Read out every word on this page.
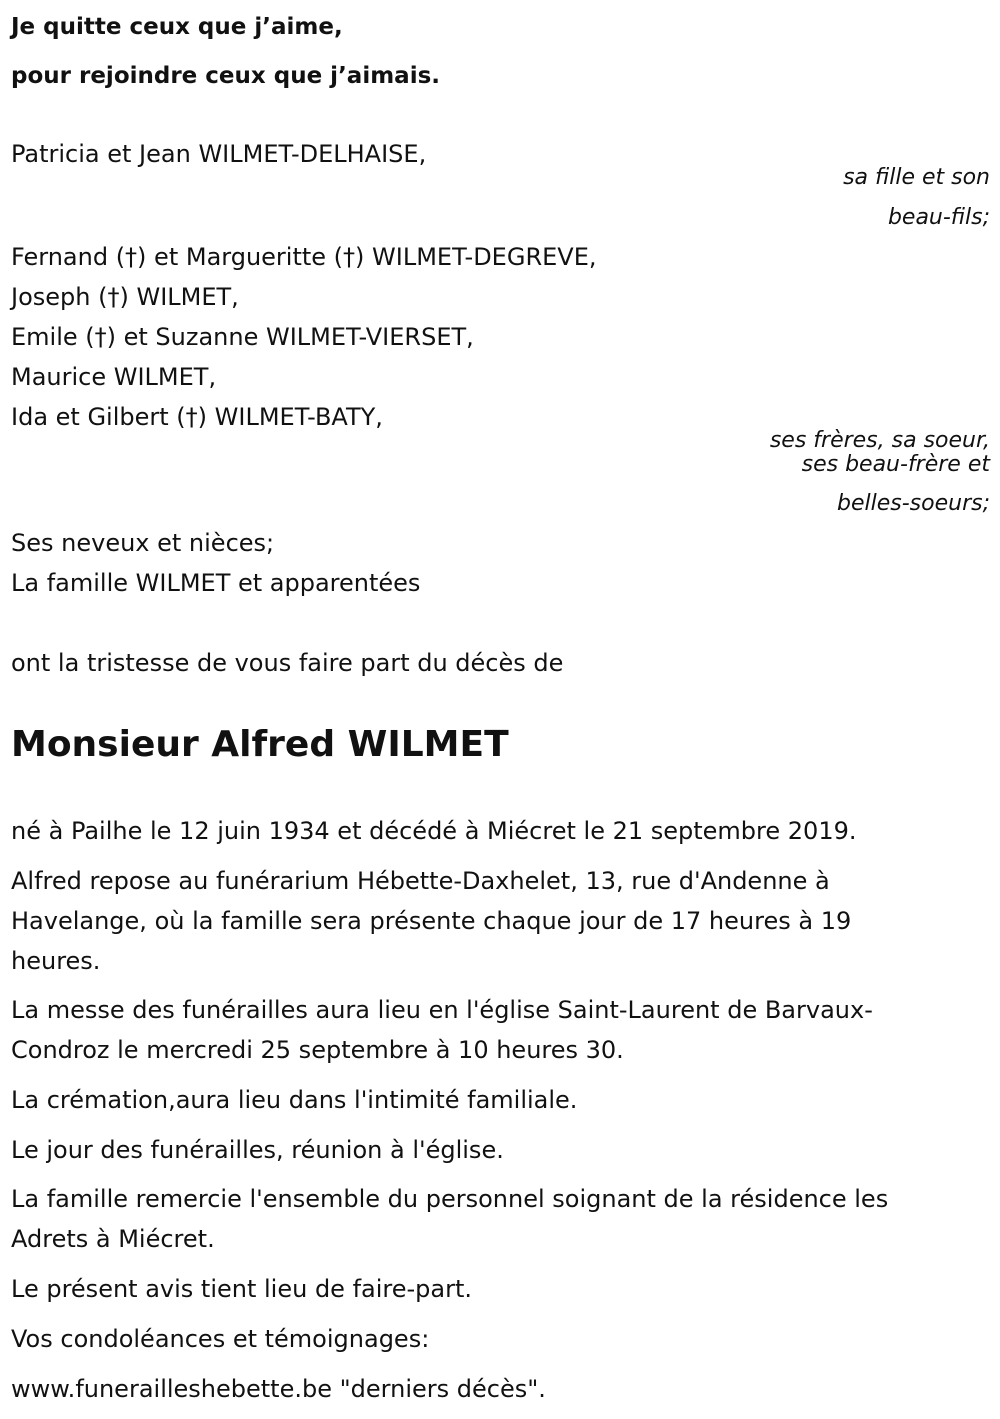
Je quitte ceux que j’aime,

pour rejoindre ceux que j’aimais.

Patricia et Jean WILMET-DELHAISE,

sa fille et son
beau-fils;

Fernand (†) et Margueritte (†) WILMET-DEGREVE,

Joseph (†) WILMET,

Emile (†) et Suzanne WILMET-VIERSET,

Maurice WILMET,

Ida et Gilbert (†) WILMET-BATY,

ses frères, sa soeur,
ses beau-frère et
belles-soeurs;

Ses neveux et nièces;

La famille WILMET et apparentées

ont la tristesse de vous faire part du décès de

Monsieur Alfred WILMET

né à Pailhe le 12 juin 1934 et décédé à Miécret le 21 septembre 2019.

Alfred repose au funérarium Hébette-Daxhelet, 13, rue d'Andenne à

Havelange, où la famille sera présente chaque jour de 17 heures à 19

heures.

La messe des funérailles aura lieu en l'église Saint-Laurent de Barvaux-

Condroz le mercredi 25 septembre à 10 heures 30.

La crémation,aura lieu dans l'intimité familiale.

Le jour des funérailles, réunion à l'église.

La famille remercie l'ensemble du personnel soignant de la résidence les

Adrets à Miécret.

Le présent avis tient lieu de faire-part.

Vos condoléances et témoignages:

www.funerailleshebette.be "derniers décès".
